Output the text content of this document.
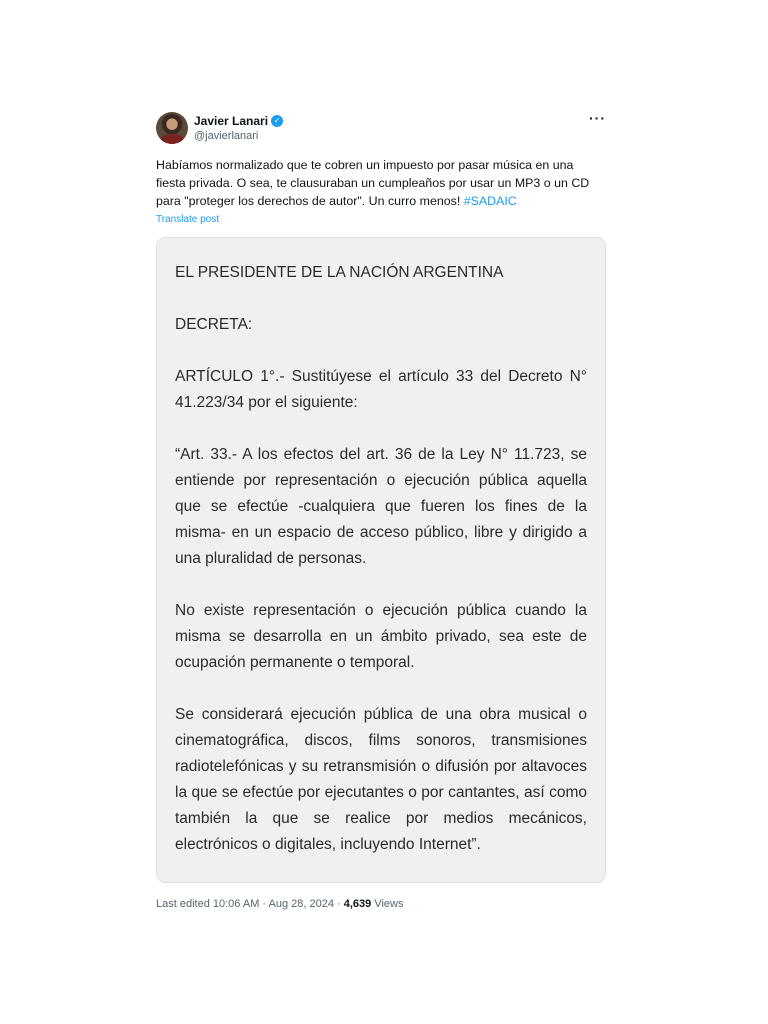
Javier Lanari ✓
@javierlanari
···
Habíamos normalizado que te cobren un impuesto por pasar música en una fiesta privada. O sea, te clausuraban un cumpleaños por usar un MP3 o un CD para "proteger los derechos de autor". Un curro menos! #SADAIC
Translate post

EL PRESIDENTE DE LA NACIÓN ARGENTINA

DECRETA:

ARTÍCULO 1°.- Sustitúyese el artículo 33 del Decreto N° 41.223/34 por el siguiente:

“Art. 33.- A los efectos del art. 36 de la Ley N° 11.723, se entiende por representación o ejecución pública aquella que se efectúe -cualquiera que fueren los fines de la misma- en un espacio de acceso público, libre y dirigido a una pluralidad de personas.

No existe representación o ejecución pública cuando la misma se desarrolla en un ámbito privado, sea este de ocupación permanente o temporal.

Se considerará ejecución pública de una obra musical o cinematográfica, discos, films sonoros, transmisiones radiotelefónicas y su retransmisión o difusión por altavoces la que se efectúe por ejecutantes o por cantantes, así como también la que se realice por medios mecánicos, electrónicos o digitales, incluyendo Internet”.

Last edited 10:06 AM · Aug 28, 2024 · 4,639 Views
